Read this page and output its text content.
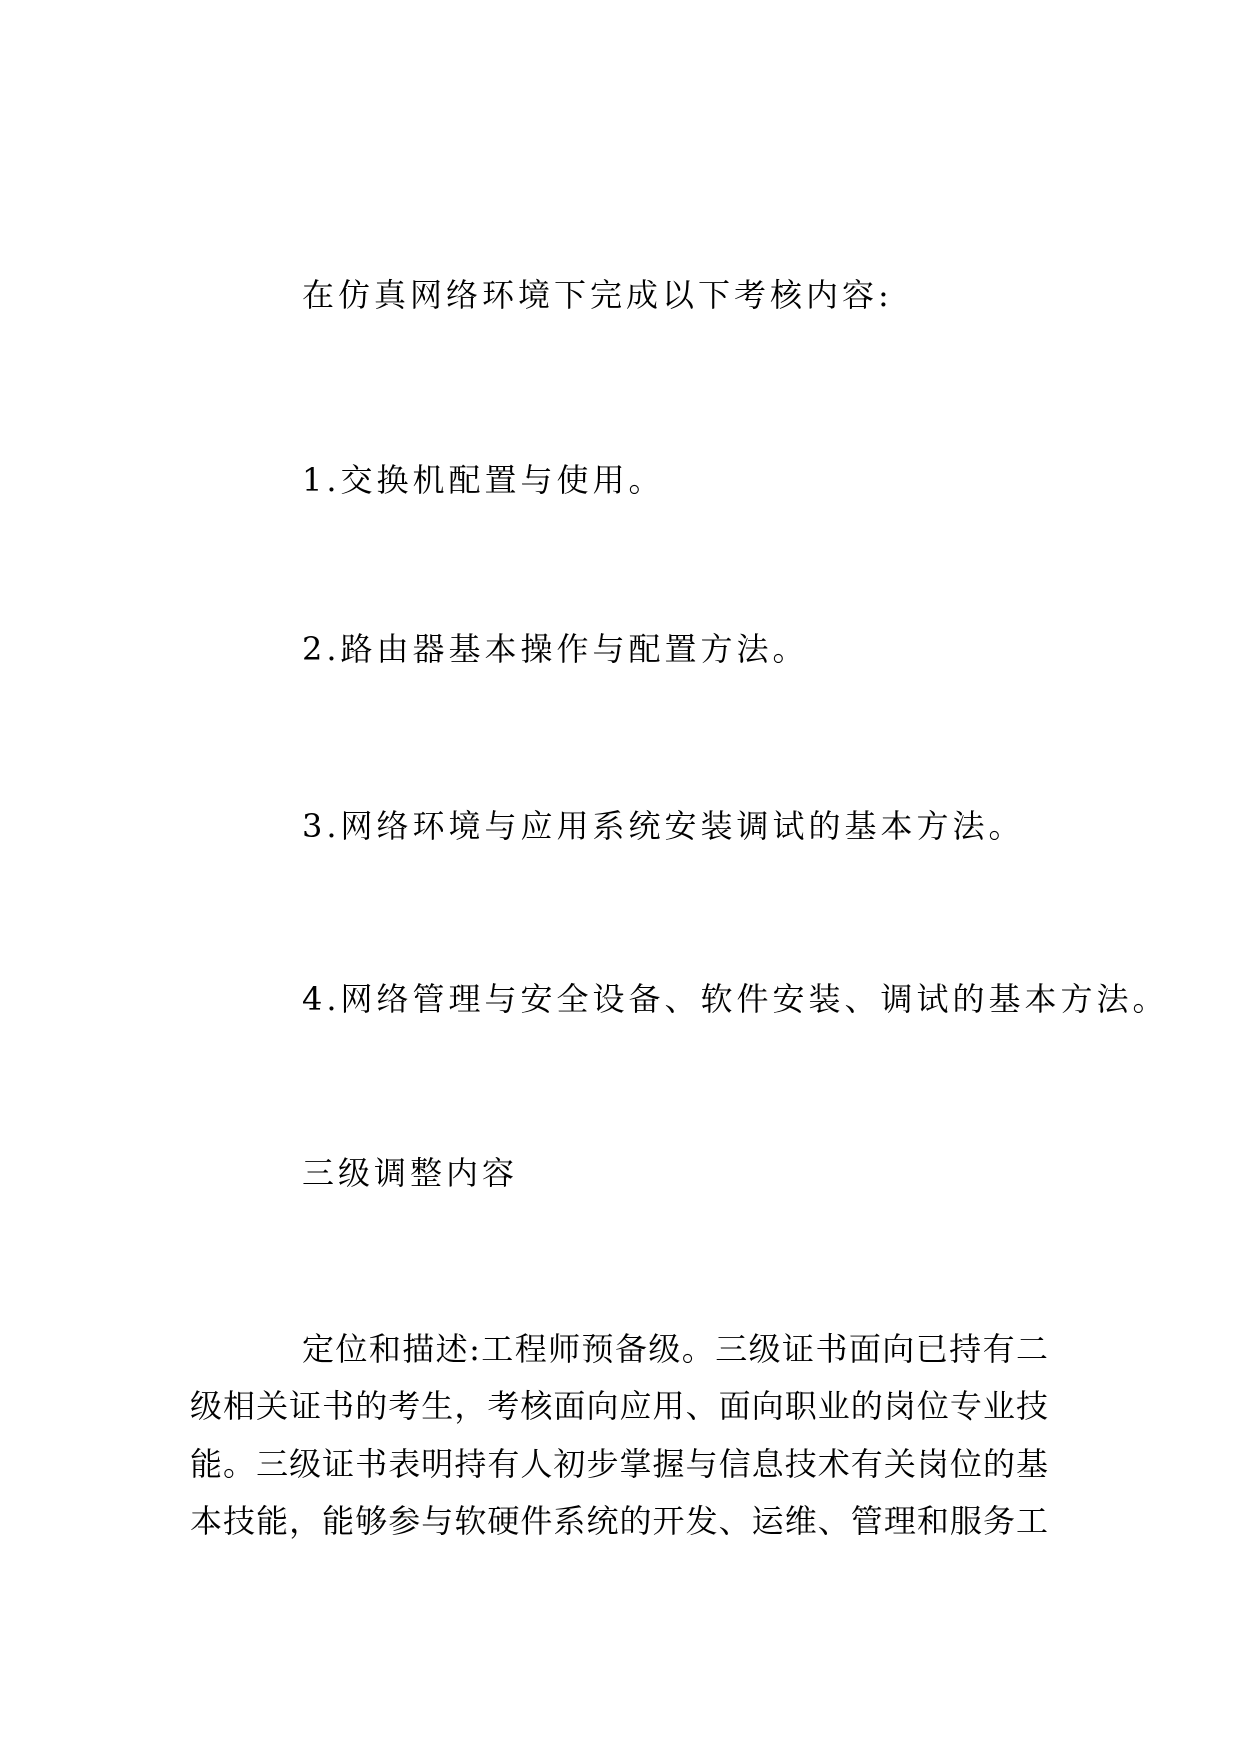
在仿真网络环境下完成以下考核内容:
1.交换机配置与使用。
2.路由器基本操作与配置方法。
3.网络环境与应用系统安装调试的基本方法。
4.网络管理与安全设备、软件安装、调试的基本方法。
三级调整内容
定位和描述:工程师预备级。三级证书面向已持有二
级相关证书的考生，考核面向应用、面向职业的岗位专业技
能。三级证书表明持有人初步掌握与信息技术有关岗位的基
本技能，能够参与软硬件系统的开发、运维、管理和服务工
